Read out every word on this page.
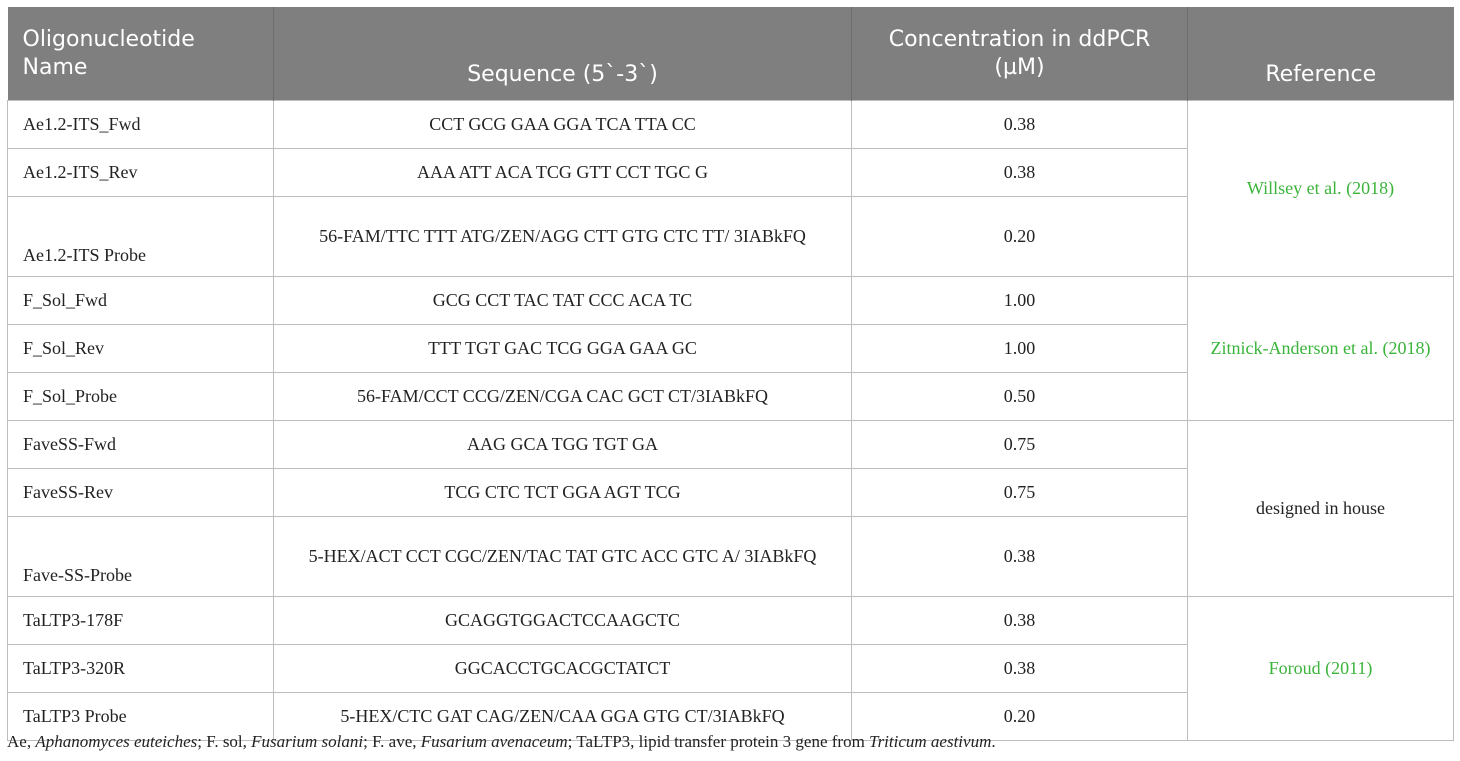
Oligonucleotide Name	Sequence (5`-3`)	Concentration in ddPCR (µM)	Reference
Ae1.2-ITS_Fwd	CCT GCG GAA GGA TCA TTA CC	0.38	Willsey et al. (2018)
Ae1.2-ITS_Rev	AAA ATT ACA TCG GTT CCT TGC G	0.38	
Ae1.2-ITS Probe	56-FAM/TTC TTT ATG/ZEN/AGG CTT GTG CTC TT/ 3IABkFQ	0.20	
F_Sol_Fwd	GCG CCT TAC TAT CCC ACA TC	1.00	Zitnick-Anderson et al. (2018)
F_Sol_Rev	TTT TGT GAC TCG GGA GAA GC	1.00	
F_Sol_Probe	56-FAM/CCT CCG/ZEN/CGA CAC GCT CT/3IABkFQ	0.50	
FaveSS-Fwd	AAG GCA TGG TGT GA	0.75	designed in house
FaveSS-Rev	TCG CTC TCT GGA AGT TCG	0.75	
Fave-SS-Probe	5-HEX/ACT CCT CGC/ZEN/TAC TAT GTC ACC GTC A/ 3IABkFQ	0.38	
TaLTP3-178F	GCAGGTGGACTCCAAGCTC	0.38	Foroud (2011)
TaLTP3-320R	GGCACCTGCACGCTATCT	0.38	
TaLTP3 Probe	5-HEX/CTC GAT CAG/ZEN/CAA GGA GTG CT/3IABkFQ	0.20	
Ae, Aphanomyces euteiches; F. sol, Fusarium solani; F. ave, Fusarium avenaceum; TaLTP3, lipid transfer protein 3 gene from Triticum aestivum.
